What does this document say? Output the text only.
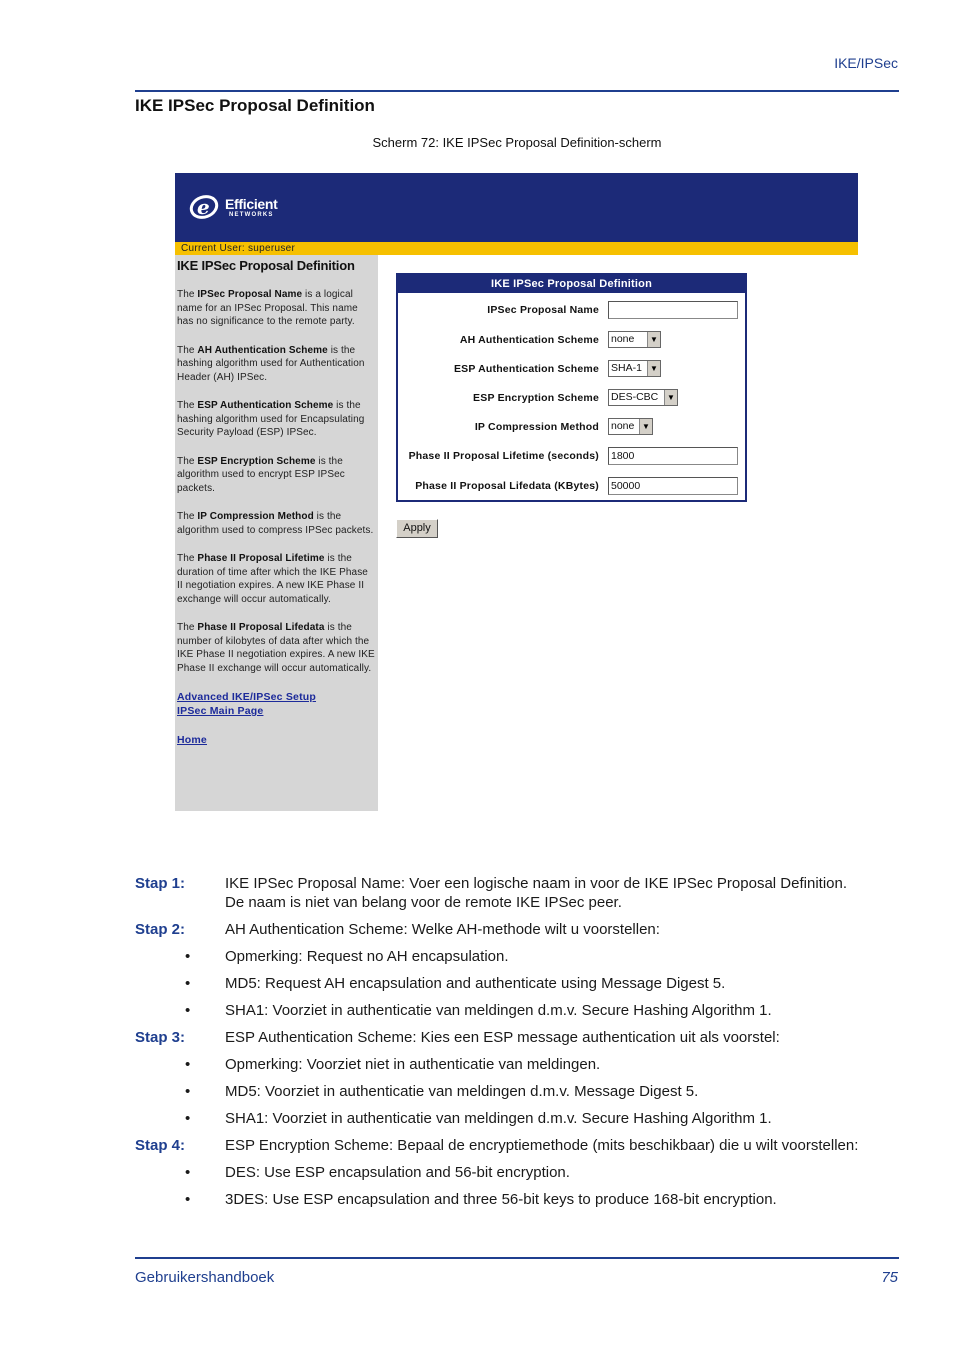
IKE/IPSec
IKE IPSec Proposal Definition
Scherm 72: IKE IPSec Proposal Definition-scherm
e Efficient
NETWORKS
Current User: superuser
IKE IPSec Proposal Definition
The IPSec Proposal Name is a logical name for an IPSec Proposal. This name has no significance to the remote party.
The AH Authentication Scheme is the hashing algorithm used for Authentication Header (AH) IPSec.
The ESP Authentication Scheme is the hashing algorithm used for Encapsulating Security Payload (ESP) IPSec.
The ESP Encryption Scheme is the algorithm used to encrypt ESP IPSec packets.
The IP Compression Method is the algorithm used to compress IPSec packets.
The Phase II Proposal Lifetime is the duration of time after which the IKE Phase II negotiation expires. A new IKE Phase II exchange will occur automatically.
The Phase II Proposal Lifedata is the number of kilobytes of data after which the IKE Phase II negotiation expires. A new IKE Phase II exchange will occur automatically.
Advanced IKE/IPSec Setup
IPSec Main Page
Home
IKE IPSec Proposal Definition
IPSec Proposal Name
AH Authentication Scheme none	▼
ESP Authentication Scheme SHA-1	▼
ESP Encryption Scheme DES-CBC	▼
IP Compression Method none ▼
Phase II Proposal Lifetime (seconds) 1800
Phase II Proposal Lifedata (KBytes) 50000
Apply
Stap 1:	IKE IPSec Proposal Name: Voer een logische naam in voor de IKE IPSec Proposal Definition.
De naam is niet van belang voor de remote IKE IPSec peer.
Stap 2:	AH Authentication Scheme: Welke AH-methode wilt u voorstellen:
• Opmerking: Request no AH encapsulation.
• MD5: Request AH encapsulation and authenticate using Message Digest 5.
• SHA1: Voorziet in authenticatie van meldingen d.m.v. Secure Hashing Algorithm 1.
Stap 3:	ESP Authentication Scheme: Kies een ESP message authentication uit als voorstel:
• Opmerking: Voorziet niet in authenticatie van meldingen.
• MD5: Voorziet in authenticatie van meldingen d.m.v. Message Digest 5.
• SHA1: Voorziet in authenticatie van meldingen d.m.v. Secure Hashing Algorithm 1.
Stap 4:	ESP Encryption Scheme: Bepaal de encryptiemethode (mits beschikbaar) die u wilt voorstellen:
• DES: Use ESP encapsulation and 56-bit encryption.
• 3DES: Use ESP encapsulation and three 56-bit keys to produce 168-bit encryption.
Gebruikershandboek	75
